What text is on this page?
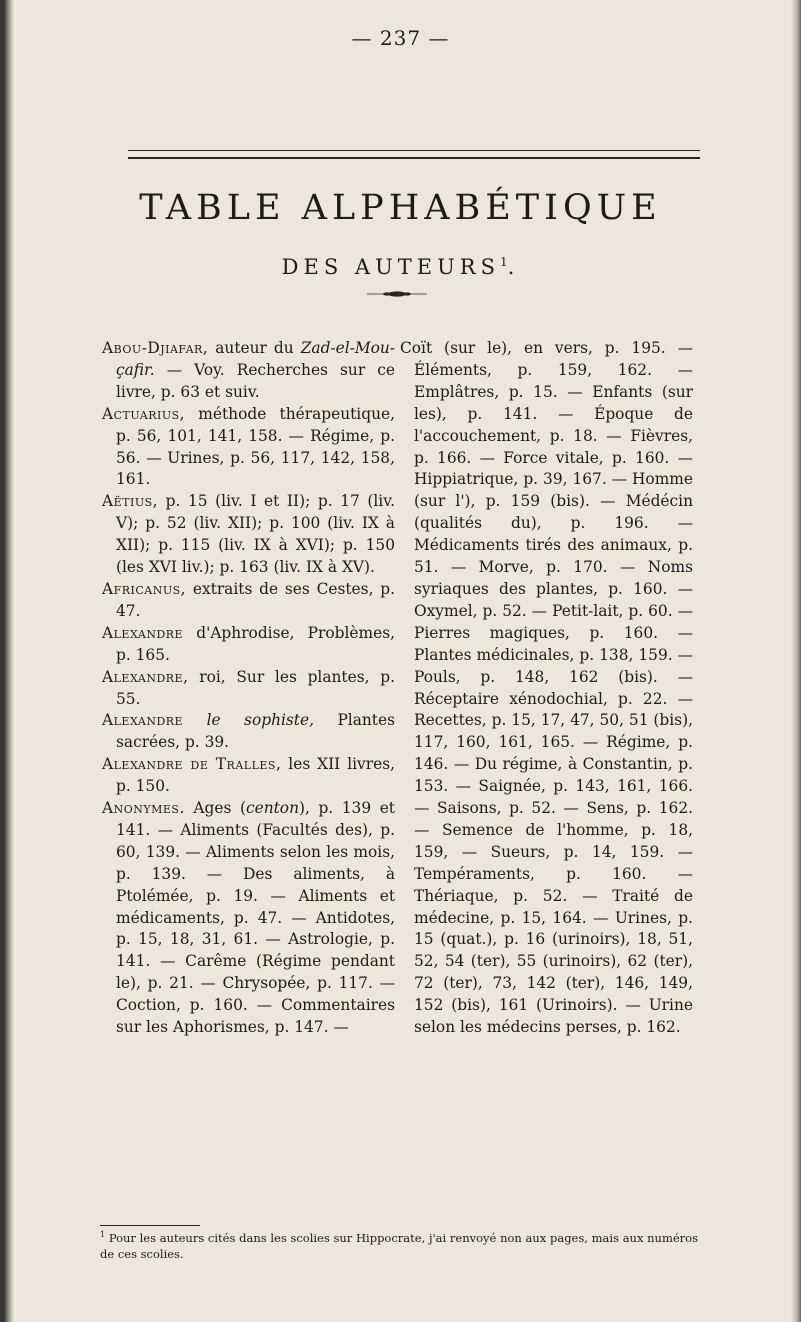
— 237 —
TABLE ALPHABÉTIQUE
DES AUTEURS$^1$.
Abou-Djiafar, auteur du Zad-el-Mou-çafir. — Voy. Recherches sur ce livre, p. 63 et suiv.
Actuarius, méthode thérapeutique, p. 56, 101, 141, 158. — Régime, p. 56. — Urines, p. 56, 117, 142, 158, 161.
Aëtius, p. 15 (liv. I et II); p. 17 (liv. V); p. 52 (liv. XII); p. 100 (liv. IX à XII); p. 115 (liv. IX à XVI); p. 150 (les XVI liv.); p. 163 (liv. IX à XV).
Africanus, extraits de ses Cestes, p. 47.
Alexandre d'Aphrodise, Problèmes, p. 165.
Alexandre, roi, Sur les plantes, p. 55.
Alexandre le sophiste, Plantes sacrées, p. 39.
Alexandre de Tralles, les XII livres, p. 150.
Anonymes. Ages (centon), p. 139 et 141. — Aliments (Facultés des), p. 60, 139. — Aliments selon les mois, p. 139. — Des aliments, à Ptolémée, p. 19. — Aliments et médicaments, p. 47. — Antidotes, p. 15, 18, 31, 61. — Astrologie, p. 141. — Carême (Régime pendant le), p. 21. — Chrysopée, p. 117. — Coction, p. 160. — Commentaires sur les Aphorismes, p. 147. —
Coït (sur le), en vers, p. 195. — Éléments, p. 159, 162. — Emplâtres, p. 15. — Enfants (sur les), p. 141. — Époque de l'accouchement, p. 18. — Fièvres, p. 166. — Force vitale, p. 160. — Hippiatrique, p. 39, 167. — Homme (sur l'), p. 159 (bis). — Médécin (qualités du), p. 196. — Médicaments tirés des animaux, p. 51. — Morve, p. 170. — Noms syriaques des plantes, p. 160. — Oxymel, p. 52. — Petit-lait, p. 60. — Pierres magiques, p. 160. — Plantes médicinales, p. 138, 159. — Pouls, p. 148, 162 (bis). — Réceptaire xénodochial, p. 22. — Recettes, p. 15, 17, 47, 50, 51 (bis), 117, 160, 161, 165. — Régime, p. 146. — Du régime, à Constantin, p. 153. — Saignée, p. 143, 161, 166. — Saisons, p. 52. — Sens, p. 162. — Semence de l'homme, p. 18, 159, — Sueurs, p. 14, 159. — Tempéraments, p. 160. — Thériaque, p. 52. — Traité de médecine, p. 15, 164. — Urines, p. 15 (quat.), p. 16 (urinoirs), 18, 51, 52, 54 (ter), 55 (urinoirs), 62 (ter), 72 (ter), 73, 142 (ter), 146, 149, 152 (bis), 161 (Urinoirs). — Urine selon les médecins perses, p. 162.
$^1$ Pour les auteurs cités dans les scolies sur Hippocrate, j'ai renvoyé non aux pages, mais aux numéros de ces scolies.
